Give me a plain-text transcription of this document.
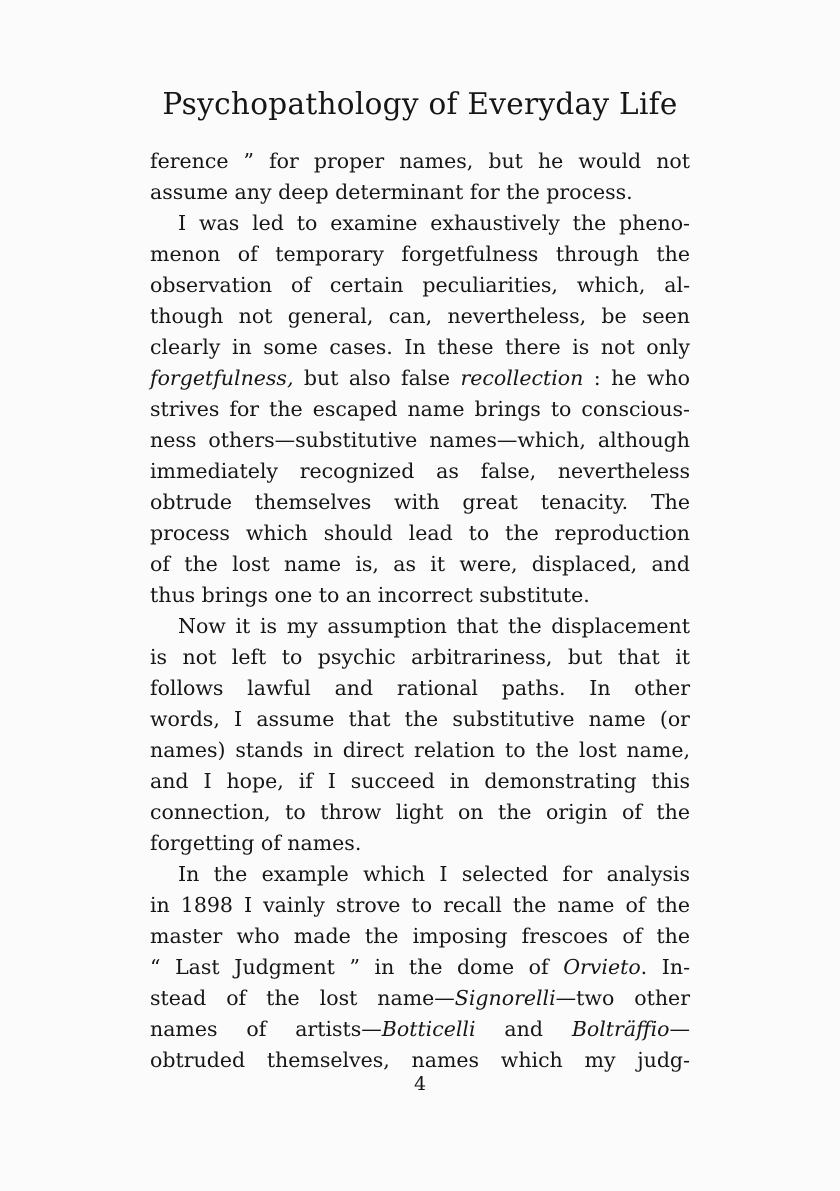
Psychopathology of Everyday Life

ference ” for proper names, but he would not
assume any deep determinant for the process.

I was led to examine exhaustively the pheno-
menon of temporary forgetfulness through the
observation of certain peculiarities, which, al-
though not general, can, nevertheless, be seen
clearly in some cases. In these there is not only
forgetfulness, but also false recollection : he who
strives for the escaped name brings to conscious-
ness others—substitutive names—which, although
immediately recognized as false, nevertheless
obtrude themselves with great tenacity. The
process which should lead to the reproduction
of the lost name is, as it were, displaced, and
thus brings one to an incorrect substitute.

Now it is my assumption that the displacement
is not left to psychic arbitrariness, but that it
follows lawful and rational paths. In other
words, I assume that the substitutive name (or
names) stands in direct relation to the lost name,
and I hope, if I succeed in demonstrating this
connection, to throw light on the origin of the
forgetting of names.

In the example which I selected for analysis
in 1898 I vainly strove to recall the name of the
master who made the imposing frescoes of the
“ Last Judgment ” in the dome of Orvieto. In-
stead of the lost name—Signorelli—two other
names of artists—Botticelli and Bolträffio—
obtruded themselves, names which my judg-

4
